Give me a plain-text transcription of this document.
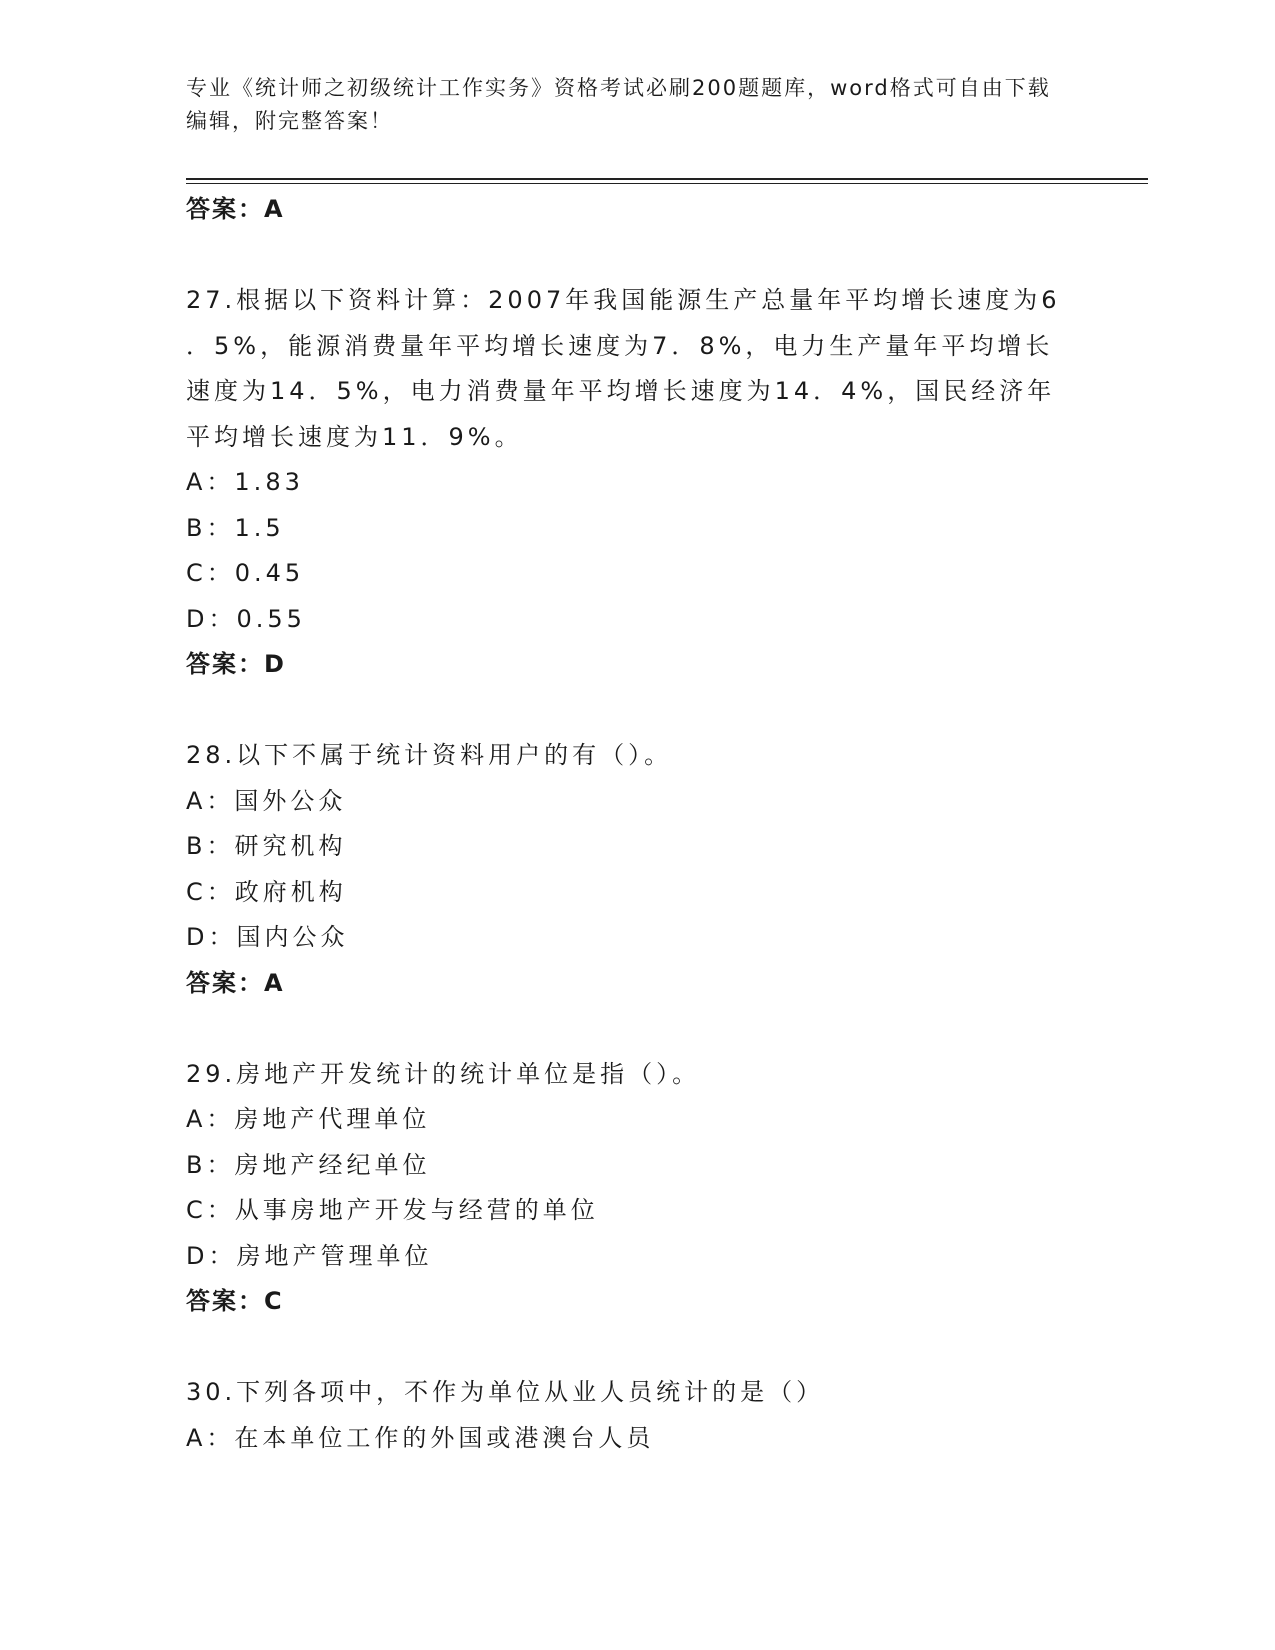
专业《统计师之初级统计工作实务》资格考试必刷200题题库，word格式可自由下载编辑，附完整答案！

答案：A

27.根据以下资料计算：2007年我国能源生产总量年平均增长速度为6

．5%，能源消费量年平均增长速度为7．8%，电力生产量年平均增长

速度为14．5%，电力消费量年平均增长速度为14．4%，国民经济年

平均增长速度为11．9%。

A：1.83

B：1.5

C：0.45

D：0.55

答案：D

28.以下不属于统计资料用户的有（）。

A：国外公众

B：研究机构

C：政府机构

D：国内公众

答案：A

29.房地产开发统计的统计单位是指（）。

A：房地产代理单位

B：房地产经纪单位

C：从事房地产开发与经营的单位

D：房地产管理单位

答案：C

30.下列各项中，不作为单位从业人员统计的是（）

A：在本单位工作的外国或港澳台人员
